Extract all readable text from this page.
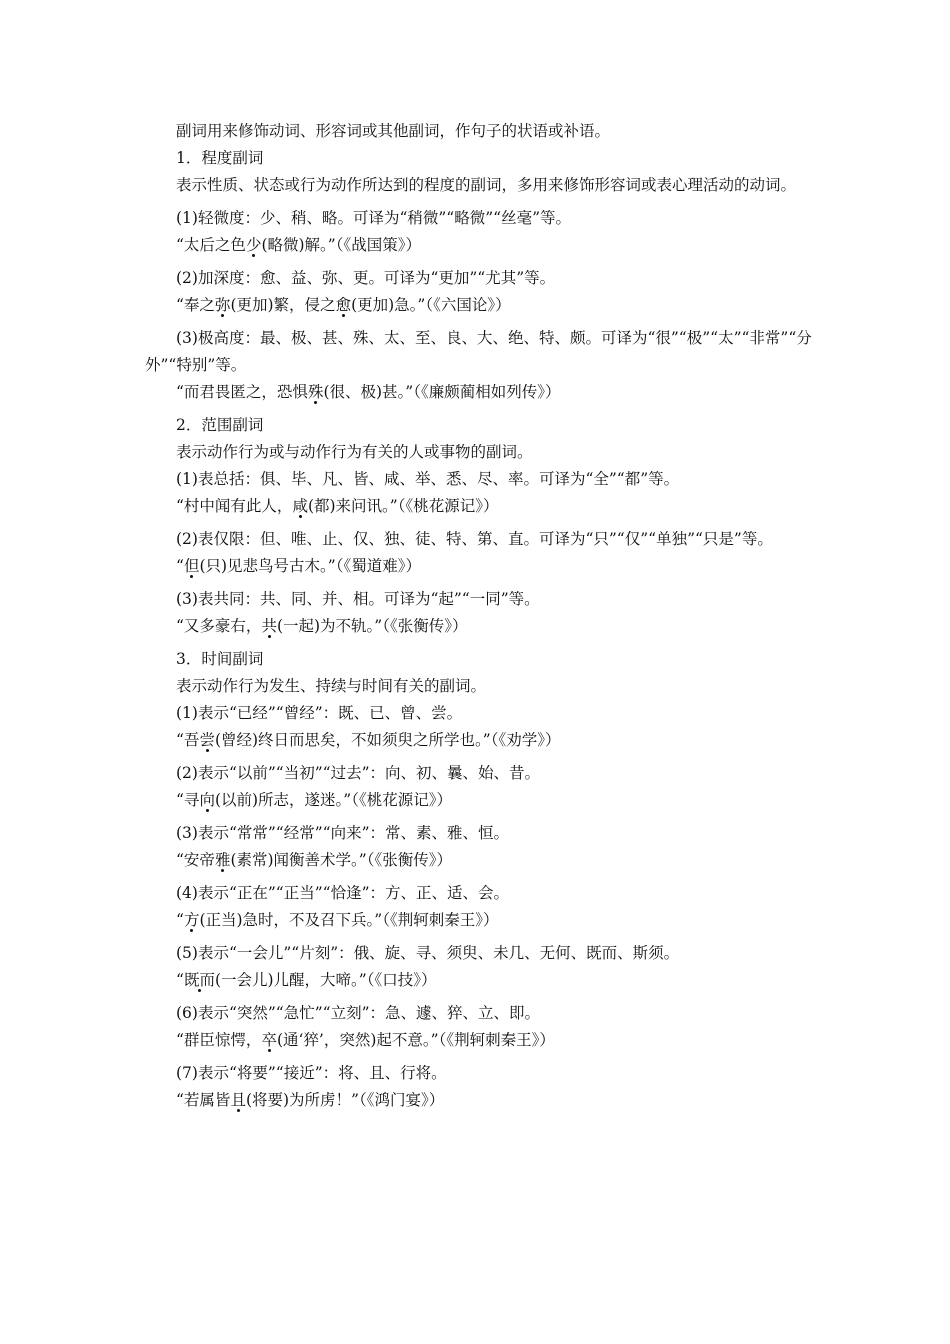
副词用来修饰动词、形容词或其他副词，作句子的状语或补语。

1．程度副词

表示性质、状态或行为动作所达到的程度的副词，多用来修饰形容词或表心理活动的动词。

(1)轻微度：少、稍、略。可译为“稍微”“略微”“丝毫”等。

“太后之色少(略微)解。”（《战国策》）

(2)加深度：愈、益、弥、更。可译为“更加”“尤其”等。

“奉之弥(更加)繁，侵之愈(更加)急。”（《六国论》）

(3)极高度：最、极、甚、殊、太、至、良、大、绝、特、颇。可译为“很”“极”“太”“非常”“分外”“特别”等。

“而君畏匿之，恐惧殊(很、极)甚。”（《廉颇蔺相如列传》）

2．范围副词

表示动作行为或与动作行为有关的人或事物的副词。

(1)表总括：俱、毕、凡、皆、咸、举、悉、尽、率。可译为“全”“都”等。

“村中闻有此人，咸(都)来问讯。”（《桃花源记》）

(2)表仅限：但、唯、止、仅、独、徒、特、第、直。可译为“只”“仅”“单独”“只是”等。

“但(只)见悲鸟号古木。”（《蜀道难》）

(3)表共同：共、同、并、相。可译为“起”“一同”等。

“又多豪右，共(一起)为不轨。”（《张衡传》）

3．时间副词

表示动作行为发生、持续与时间有关的副词。

(1)表示“已经”“曾经”：既、已、曾、尝。

“吾尝(曾经)终日而思矣，不如须臾之所学也。”（《劝学》）

(2)表示“以前”“当初”“过去”：向、初、曩、始、昔。

“寻向(以前)所志，遂迷。”（《桃花源记》）

(3)表示“常常”“经常”“向来”：常、素、雅、恒。

“安帝雅(素常)闻衡善术学。”（《张衡传》）

(4)表示“正在”“正当”“恰逢”：方、正、适、会。

“方(正当)急时，不及召下兵。”（《荆轲刺秦王》）

(5)表示“一会儿”“片刻”：俄、旋、寻、须臾、未几、无何、既而、斯须。

“既而(一会儿)儿醒，大啼。”（《口技》）

(6)表示“突然”“急忙”“立刻”：急、遽、猝、立、即。

“群臣惊愕，卒(通‘猝’，突然)起不意。”（《荆轲刺秦王》）

(7)表示“将要”“接近”：将、且、行将。

“若属皆且(将要)为所虏！”（《鸿门宴》）
